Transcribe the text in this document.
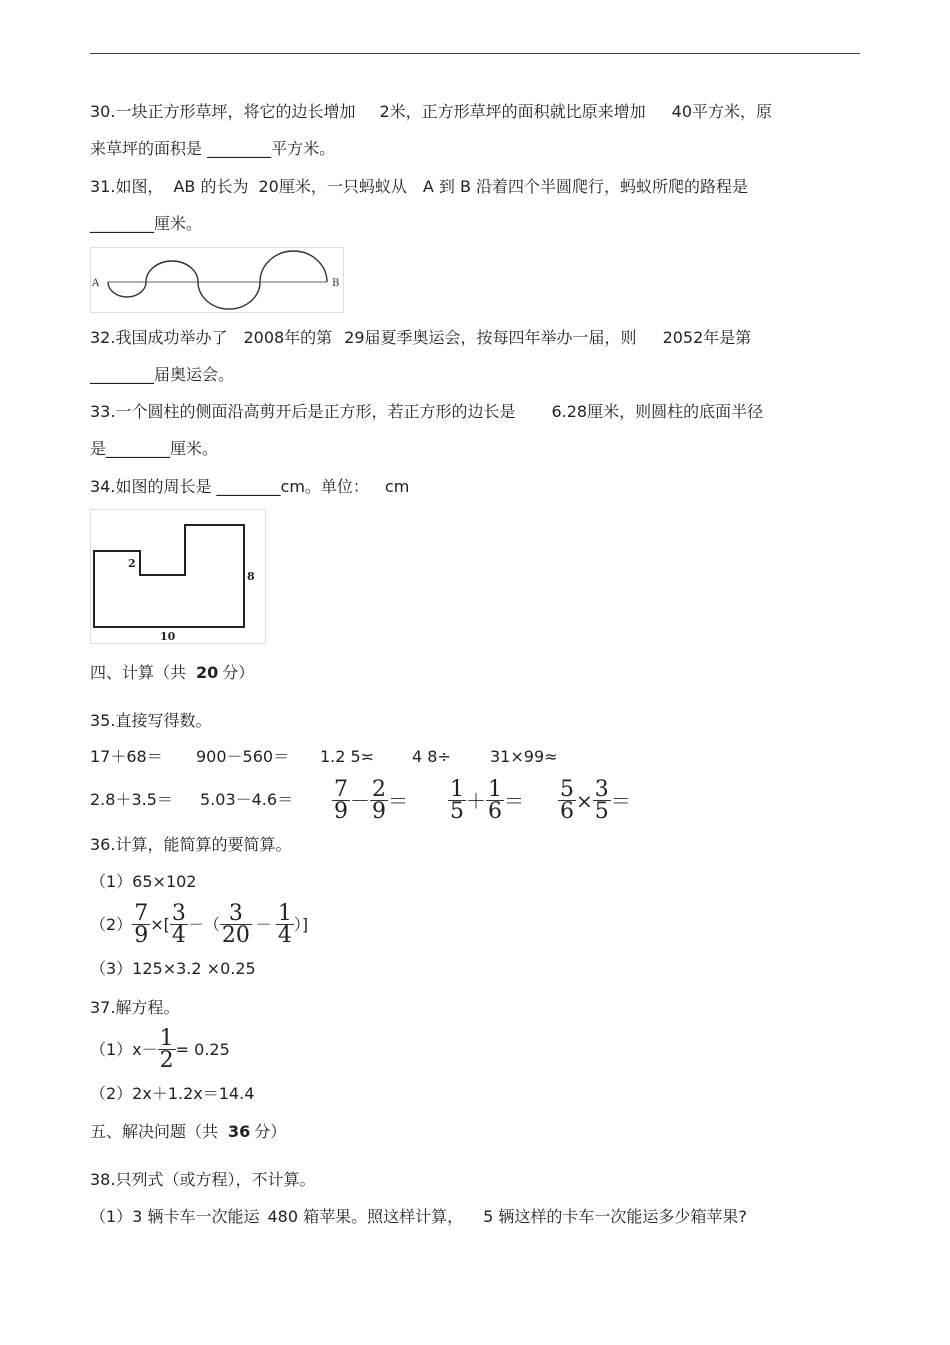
30.一块正方形草坪，将它的边长增加 2米，正方形草坪的面积就比原来增加 40平方米，原
来草坪的面积是 ________平方米。
31.如图， AB 的长为 20厘米，一只蚂蚁从 A 到 B 沿着四个半圆爬行，蚂蚁所爬的路程是
________厘米。
A	B
32.我国成功举办了 2008年的第 29届夏季奥运会，按每四年举办一届，则 2052年是第
________届奥运会。
33.一个圆柱的侧面沿高剪开后是正方形，若正方形的边长是 6.28厘米，则圆柱的底面半径
是________厘米。
34.如图的周长是 ________cm。单位： cm
2
8
10
四、计算（共 20 分）
35.直接写得数。
17＋68＝ 900－560＝ 1.2 5≍ 4 8÷ 31×99≈
$2.8+3.5= 5.03-4.6= \frac{7}{9} - \frac{2}{9} = \frac{1}{5} + \frac{1}{6} = \frac{5}{6} \times \frac{3}{5}$ ＝
36.计算，能简算的要简算。
（1）65×102
$(2) \frac{7}{9}$ ×[ $\frac{3}{4}$ －（ $\frac{3}{20} - \frac{1}{4}$ ）]
（3）125×3.2 ×0.25
37.解方程。
$(1)x- \frac{1}{2} = 0.25$
（2）2x＋1.2x＝14.4
五、解决问题（共 36 分）
38.只列式（或方程），不计算。
（1）3 辆卡车一次能运 480 箱苹果。照这样计算， 5 辆这样的卡车一次能运多少箱苹果?
